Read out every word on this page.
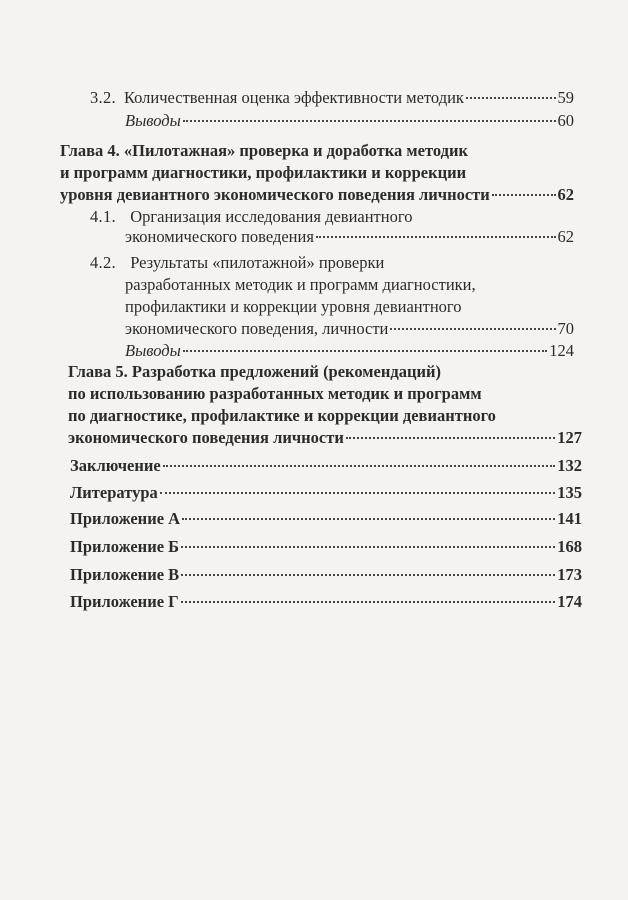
3.2. Количественная оценка эффективности методик	59
Выводы	60
Глава 4. «Пилотажная» проверка и доработка методик
и программ диагностики, профилактики и коррекции
уровня девиантного экономического поведения личности	62
4.1. Организация исследования девиантного
экономического поведения	62
4.2. Результаты «пилотажной» проверки
разработанных методик и программ диагностики,
профилактики и коррекции уровня девиантного
экономического поведения, личности	70
Выводы	124
Глава 5. Разработка предложений (рекомендаций)
по использованию разработанных методик и программ
по диагностике, профилактике и коррекции девиантного
экономического поведения личности	127
Заключение	132
Литература	135
Приложение А	141
Приложение Б	168
Приложение В	173
Приложение Г	174
